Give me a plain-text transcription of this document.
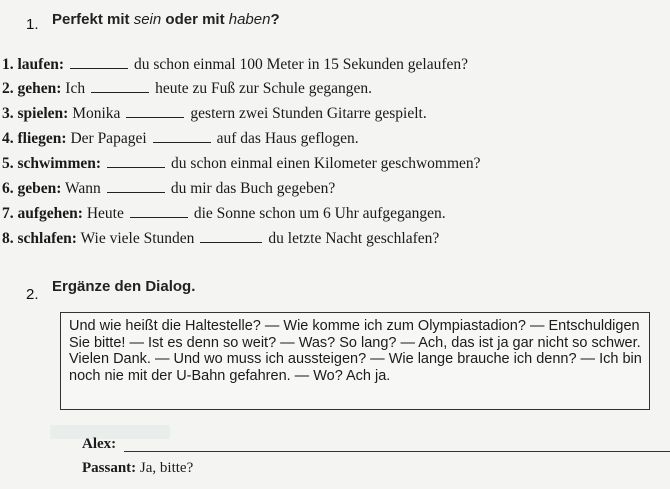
1. Perfekt mit sein oder mit haben?
1. laufen:	du schon einmal 100 Meter in 15 Sekunden gelaufen?
2. gehen: Ich	heute zu Fuß zur Schule gegangen.
3. spielen: Monika	gestern zwei Stunden Gitarre gespielt.
4. fliegen: Der Papagei	auf das Haus geflogen.
5. schwimmen:	du schon einmal einen Kilometer geschwommen?
6. geben: Wann	du mir das Buch gegeben?
7. aufgehen: Heute	die Sonne schon um 6 Uhr aufgegangen.
8. schlafen: Wie viele Stunden	du letzte Nacht geschlafen?
2. Ergänze den Dialog.
Und wie heißt die Haltestelle? — Wie komme ich zum Olympiastadion? — Entschuldigen Sie bitte! — Ist es denn so weit? — Was? So lang? — Ach, das ist ja gar nicht so schwer. Vielen Dank. — Und wo muss ich aussteigen? — Wie lange brauche ich denn? — Ich bin noch nie mit der U-Bahn gefahren. — Wo? Ach ja.
Alex:
Passant: Ja, bitte?
